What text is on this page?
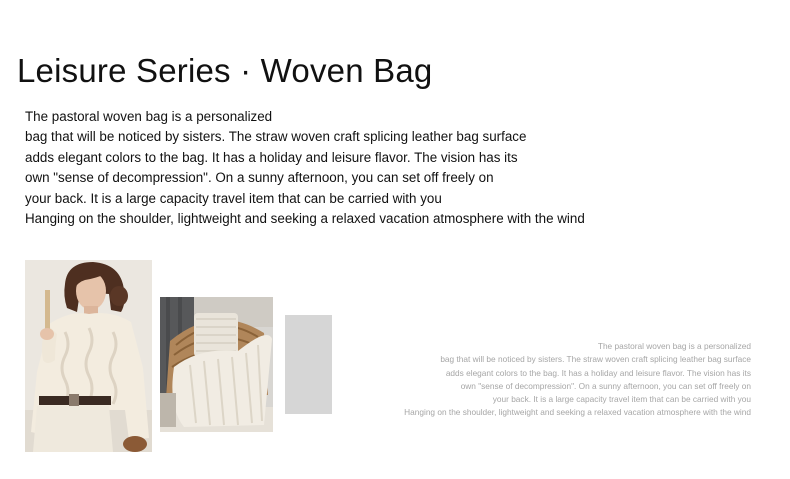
Leisure Series · Woven Bag
The pastoral woven bag is a personalized
bag that will be noticed by sisters. The straw woven craft splicing leather bag surface
adds elegant colors to the bag. It has a holiday and leisure flavor. The vision has its
own "sense of decompression". On a sunny afternoon, you can set off freely on
your back. It is a large capacity travel item that can be carried with you
Hanging on the shoulder, lightweight and seeking a relaxed vacation atmosphere with the wind
The pastoral woven bag is a personalized
bag that will be noticed by sisters. The straw woven craft splicing leather bag surface
adds elegant colors to the bag. It has a holiday and leisure flavor. The vision has its
own "sense of decompression". On a sunny afternoon, you can set off freely on
your back. It is a large capacity travel item that can be carried with you
Hanging on the shoulder, lightweight and seeking a relaxed vacation atmosphere with the wind
